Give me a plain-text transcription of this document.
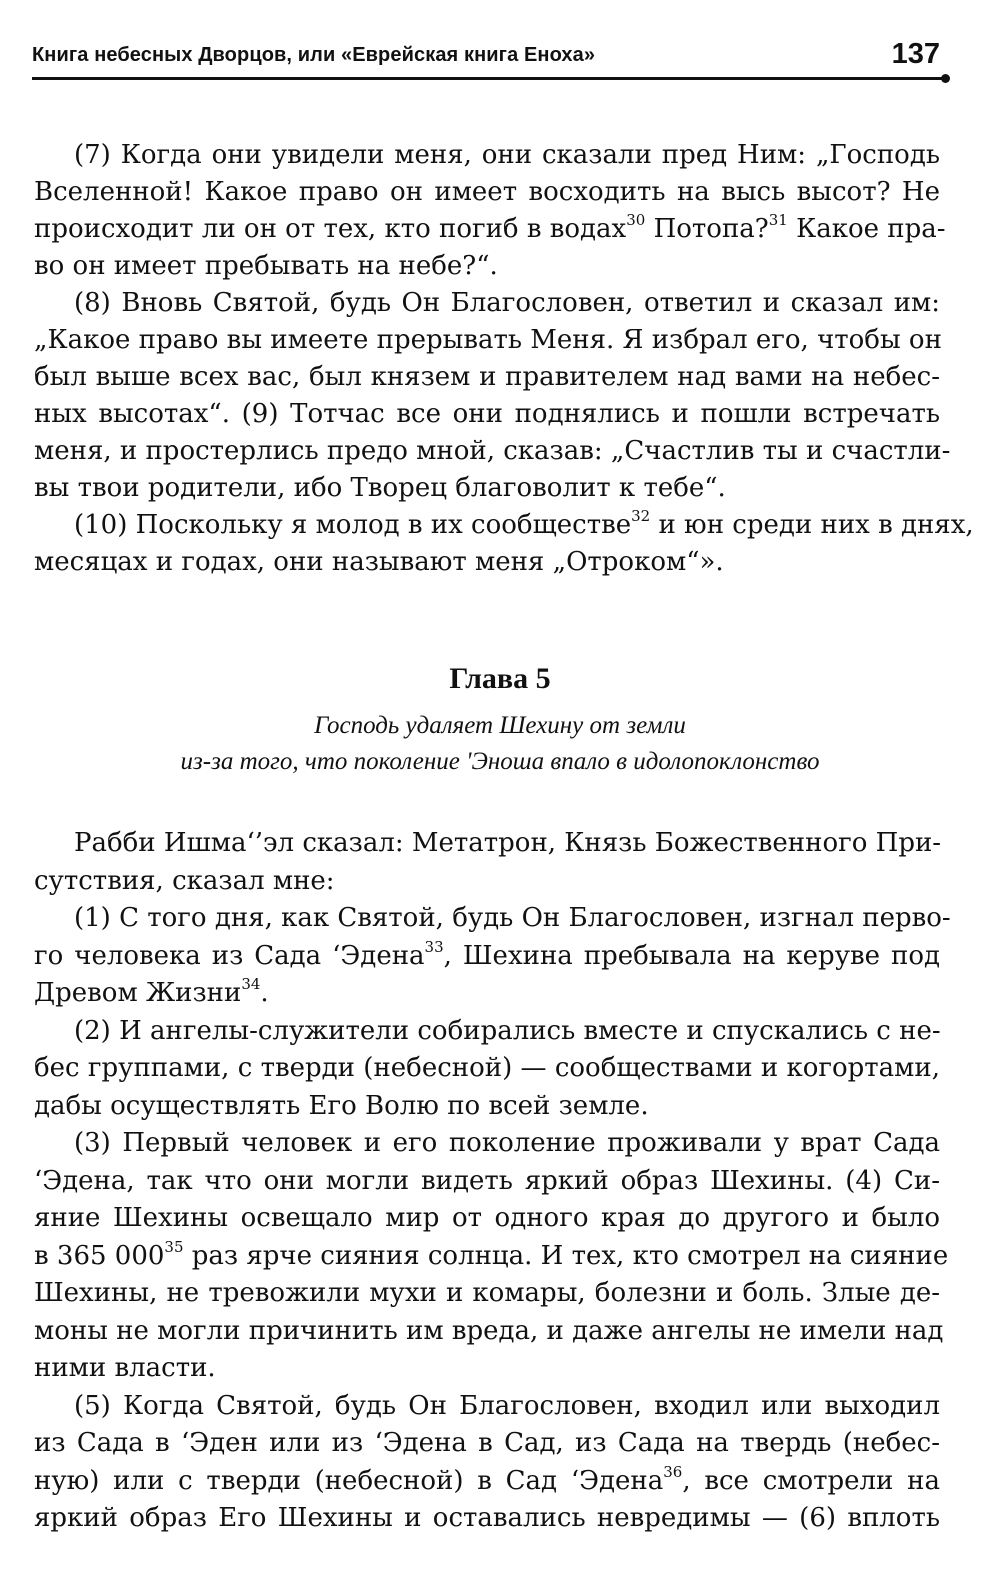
Книга небесных Дворцов, или «Еврейская книга Еноха»	137
(7) Когда они увидели меня, они сказали пред Ним: „Господь
Вселенной! Какое право он имеет восходить на высь высот? Не
происходит ли он от тех, кто погиб в водах$^{30}$ Потопа?$^{31}$ Какое пра-
во он имеет пребывать на небе?“.
(8) Вновь Святой, будь Он Благословен, ответил и сказал им:
„Какое право вы имеете прерывать Меня. Я избрал его, чтобы он
был выше всех вас, был князем и правителем над вами на небес-
ных высотах“. (9) Тотчас все они поднялись и пошли встречать
меня, и простерлись предо мной, сказав: „Счастлив ты и счастли-
вы твои родители, ибо Творец благоволит к тебе“.
(10) Поскольку я молод в их сообществе$^{32}$ и юн среди них в днях,
месяцах и годах, они называют меня „Отроком“».
Глава 5
Господь удаляет Шехину от земли
из-за того, что поколение 'Эноша впало в идолопоклонство
Рабби Ишма‘’эл сказал: Метатрон, Князь Божественного При-
сутствия, сказал мне:
(1) С того дня, как Святой, будь Он Благословен, изгнал перво-
го человека из Сада ‘Эдена$^{33}$, Шехина пребывала на керуве под
Древом Жизни$^{34}$.
(2) И ангелы-служители собирались вместе и спускались с не-
бес группами, с тверди (небесной) — сообществами и когортами,
дабы осуществлять Его Волю по всей земле.
(3) Первый человек и его поколение проживали у врат Сада
‘Эдена, так что они могли видеть яркий образ Шехины. (4) Си-
яние Шехины освещало мир от одного края до другого и было
в 365 $000^{35}$ раз ярче сияния солнца. И тех, кто смотрел на сияние
Шехины, не тревожили мухи и комары, болезни и боль. Злые де-
моны не могли причинить им вреда, и даже ангелы не имели над
ними власти.
(5) Когда Святой, будь Он Благословен, входил или выходил
из Сада в ‘Эден или из ‘Эдена в Сад, из Сада на твердь (небес-
ную) или с тверди (небесной) в Сад ‘Эдена$^{36}$, все смотрели на
яркий образ Его Шехины и оставались невредимы — (6) вплоть
